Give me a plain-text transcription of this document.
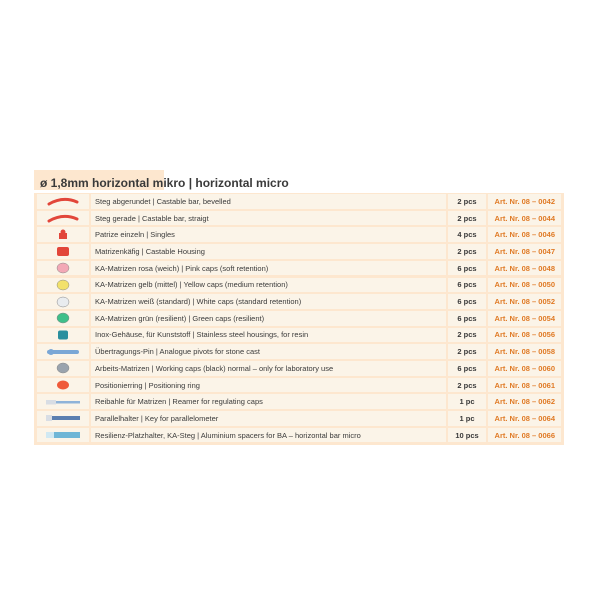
ø 1,8mm horizontal mikro | horizontal micro
Steg abgerundet | Castable bar, bevelled	2 pcs	Art. Nr. 08 – 0042
Steg gerade | Castable bar, straigt	2 pcs	Art. Nr. 08 – 0044
Patrize einzeln | Singles	4 pcs	Art. Nr. 08 – 0046
Matrizenkäfig | Castable Housing	2 pcs	Art. Nr. 08 – 0047
KA-Matrizen rosa (weich) | Pink caps (soft retention)	6 pcs	Art. Nr. 08 – 0048
KA-Matrizen gelb (mittel) | Yellow caps (medium retention)	6 pcs	Art. Nr. 08 – 0050
KA-Matrizen weiß (standard) | White caps (standard retention)	6 pcs	Art. Nr. 08 – 0052
KA-Matrizen grün (resilient) | Green caps (resilient)	6 pcs	Art. Nr. 08 – 0054
Inox-Gehäuse, für Kunststoff | Stainless steel housings, for resin	2 pcs	Art. Nr. 08 – 0056
Übertragungs-Pin | Analogue pivots for stone cast	2 pcs	Art. Nr. 08 – 0058
Arbeits-Matrizen | Working caps (black) normal – only for laboratory use	6 pcs	Art. Nr. 08 – 0060
Positionierring | Positioning ring	2 pcs	Art. Nr. 08 – 0061
Reibahle für Matrizen | Reamer for regulating caps	1 pc	Art. Nr. 08 – 0062
Parallelhalter | Key for parallelometer	1 pc	Art. Nr. 08 – 0064
Resilienz-Platzhalter, KA-Steg | Aluminium spacers for BA – horizontal bar micro	10 pcs	Art. Nr. 08 – 0066
